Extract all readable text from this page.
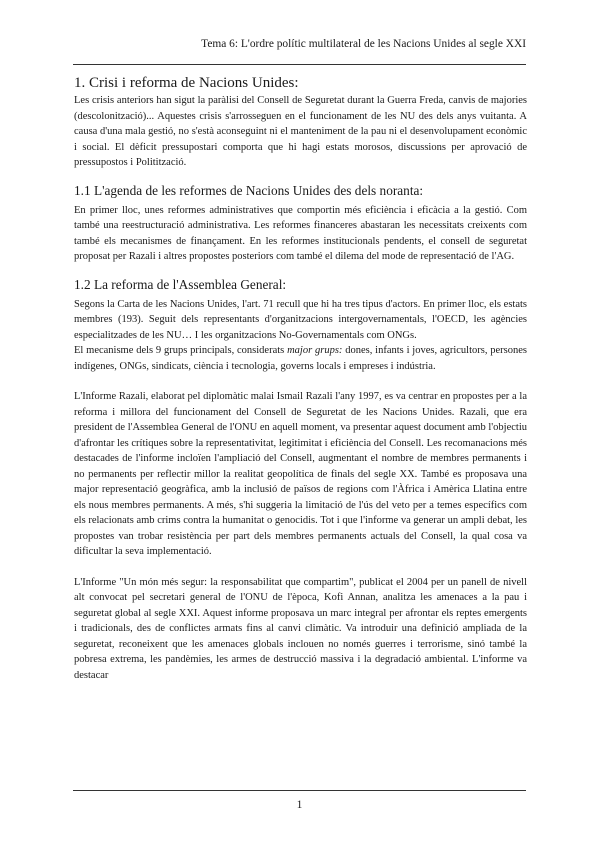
Tema 6: L'ordre polític multilateral de les Nacions Unides al segle XXI
1. Crisi i reforma de Nacions Unides:

Les crisis anteriors han sigut la paràlisi del Consell de Seguretat durant la Guerra Freda, canvis de majories (descolonització)... Aquestes crisis s'arrosseguen en el funcionament de les NU des dels anys vuitanta. A causa d'una mala gestió, no s'està aconseguint ni el manteniment de la pau ni el desenvolupament econòmic i social. El dèficit pressupostari comporta que hi hagi estats morosos, discussions per aprovació de pressupostos i Politització.

1.1 L'agenda de les reformes de Nacions Unides des dels noranta:

En primer lloc, unes reformes administratives que comportin més eficiència i eficàcia a la gestió. Com també una reestructuració administrativa. Les reformes financeres abastaran les necessitats creixents com també els mecanismes de finançament. En les reformes institucionals pendents, el consell de seguretat proposat per Razali i altres propostes posteriors com també el dilema del mode de representació de l'AG.

1.2 La reforma de l'Assemblea General:

Segons la Carta de les Nacions Unides, l'art. 71 recull que hi ha tres tipus d'actors. En primer lloc, els estats membres (193). Seguit dels representants d'organitzacions intergovernamentals, l'OECD, les agències especialitzades de les NU… I les organitzacions No-Governamentals com ONGs.

El mecanisme dels 9 grups principals, considerats major grups: dones, infants i joves, agricultors, persones indígenes, ONGs, sindicats, ciència i tecnologia, governs locals i empreses i indústria.

L'Informe Razali, elaborat pel diplomàtic malai Ismail Razali l'any 1997, es va centrar en propostes per a la reforma i millora del funcionament del Consell de Seguretat de les Nacions Unides. Razali, que era president de l'Assemblea General de l'ONU en aquell moment, va presentar aquest document amb l'objectiu d'afrontar les crítiques sobre la representativitat, legitimitat i eficiència del Consell. Les recomanacions més destacades de l'informe incloïen l'ampliació del Consell, augmentant el nombre de membres permanents i no permanents per reflectir millor la realitat geopolítica de finals del segle XX. També es proposava una major representació geogràfica, amb la inclusió de països de regions com l'Àfrica i Amèrica Llatina entre els nous membres permanents. A més, s'hi suggeria la limitació de l'ús del veto per a temes específics com els relacionats amb crims contra la humanitat o genocidis. Tot i que l'informe va generar un ampli debat, les propostes van trobar resistència per part dels membres permanents actuals del Consell, la qual cosa va dificultar la seva implementació.

L'Informe "Un món més segur: la responsabilitat que compartim", publicat el 2004 per un panell de nivell alt convocat pel secretari general de l'ONU de l'època, Kofi Annan, analitza les amenaces a la pau i seguretat global al segle XXI. Aquest informe proposava un marc integral per afrontar els reptes emergents i tradicionals, des de conflictes armats fins al canvi climàtic. Va introduir una definició ampliada de la seguretat, reconeixent que les amenaces globals inclouen no només guerres i terrorisme, sinó també la pobresa extrema, les pandèmies, les armes de destrucció massiva i la degradació ambiental. L'informe va destacar

1
